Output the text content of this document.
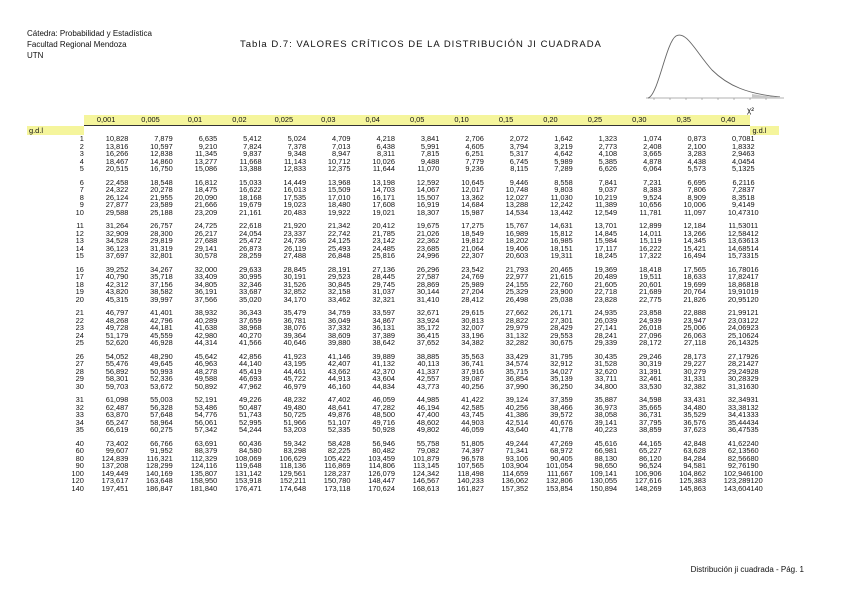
Cátedra: Probabilidad y Estadística
Facultad Regional Mendoza
UTN
Tabla D.7: VALORES CRÍTICOS DE LA DISTRIBUCIÓN JI CUADRADA
χ²
	0,001	0,005	0,01	0,02	0,025	0,03	0,04	0,05	0,10	0,15	0,20	0,25	0,30	0,35	0,40	
g.d.l																g.d.l
1	10,828	7,879	6,635	5,412	5,024	4,709	4,218	3,841	2,706	2,072	1,642	1,323	1,074	0,873	0,708	1
2	13,816	10,597	9,210	7,824	7,378	7,013	6,438	5,991	4,605	3,794	3,219	2,773	2,408	2,100	1,833	2
3	16,266	12,838	11,345	9,837	9,348	8,947	8,311	7,815	6,251	5,317	4,642	4,108	3,665	3,283	2,946	3
4	18,467	14,860	13,277	11,668	11,143	10,712	10,026	9,488	7,779	6,745	5,989	5,385	4,878	4,438	4,045	4
5	20,515	16,750	15,086	13,388	12,833	12,375	11,644	11,070	9,236	8,115	7,289	6,626	6,064	5,573	5,132	5

6	22,458	18,548	16,812	15,033	14,449	13,968	13,198	12,592	10,645	9,446	8,558	7,841	7,231	6,695	6,211	6
7	24,322	20,278	18,475	16,622	16,013	15,509	14,703	14,067	12,017	10,748	9,803	9,037	8,383	7,806	7,283	7
8	26,124	21,955	20,090	18,168	17,535	17,010	16,171	15,507	13,362	12,027	11,030	10,219	9,524	8,909	8,351	8
9	27,877	23,589	21,666	19,679	19,023	18,480	17,608	16,919	14,684	13,288	12,242	11,389	10,656	10,006	9,414	9
10	29,588	25,188	23,209	21,161	20,483	19,922	19,021	18,307	15,987	14,534	13,442	12,549	11,781	11,097	10,473	10

11	31,264	26,757	24,725	22,618	21,920	21,342	20,412	19,675	17,275	15,767	14,631	13,701	12,899	12,184	11,530	11
12	32,909	28,300	26,217	24,054	23,337	22,742	21,785	21,026	18,549	16,989	15,812	14,845	14,011	13,266	12,584	12
13	34,528	29,819	27,688	25,472	24,736	24,125	23,142	22,362	19,812	18,202	16,985	15,984	15,119	14,345	13,636	13
14	36,123	31,319	29,141	26,873	26,119	25,493	24,485	23,685	21,064	19,406	18,151	17,117	16,222	15,421	14,685	14
15	37,697	32,801	30,578	28,259	27,488	26,848	25,816	24,996	22,307	20,603	19,311	18,245	17,322	16,494	15,733	15

16	39,252	34,267	32,000	29,633	28,845	28,191	27,136	26,296	23,542	21,793	20,465	19,369	18,418	17,565	16,780	16
17	40,790	35,718	33,409	30,995	30,191	29,523	28,445	27,587	24,769	22,977	21,615	20,489	19,511	18,633	17,824	17
18	42,312	37,156	34,805	32,346	31,526	30,845	29,745	28,869	25,989	24,155	22,760	21,605	20,601	19,699	18,868	18
19	43,820	38,582	36,191	33,687	32,852	32,158	31,037	30,144	27,204	25,329	23,900	22,718	21,689	20,764	19,910	19
20	45,315	39,997	37,566	35,020	34,170	33,462	32,321	31,410	28,412	26,498	25,038	23,828	22,775	21,826	20,951	20

21	46,797	41,401	38,932	36,343	35,479	34,759	33,597	32,671	29,615	27,662	26,171	24,935	23,858	22,888	21,991	21
22	48,268	42,796	40,289	37,659	36,781	36,049	34,867	33,924	30,813	28,822	27,301	26,039	24,939	23,947	23,031	22
23	49,728	44,181	41,638	38,968	38,076	37,332	36,131	35,172	32,007	29,979	28,429	27,141	26,018	25,006	24,069	23
24	51,179	45,559	42,980	40,270	39,364	38,609	37,389	36,415	33,196	31,132	29,553	28,241	27,096	26,063	25,106	24
25	52,620	46,928	44,314	41,566	40,646	39,880	38,642	37,652	34,382	32,282	30,675	29,339	28,172	27,118	26,143	25

26	54,052	48,290	45,642	42,856	41,923	41,146	39,889	38,885	35,563	33,429	31,795	30,435	29,246	28,173	27,179	26
27	55,476	49,645	46,963	44,140	43,195	42,407	41,132	40,113	36,741	34,574	32,912	31,528	30,319	29,227	28,214	27
28	56,892	50,993	48,278	45,419	44,461	43,662	42,370	41,337	37,916	35,715	34,027	32,620	31,391	30,279	29,249	28
29	58,301	52,336	49,588	46,693	45,722	44,913	43,604	42,557	39,087	36,854	35,139	33,711	32,461	31,331	30,283	29
30	59,703	53,672	50,892	47,962	46,979	46,160	44,834	43,773	40,256	37,990	36,250	34,800	33,530	32,382	31,316	30

31	61,098	55,003	52,191	49,226	48,232	47,402	46,059	44,985	41,422	39,124	37,359	35,887	34,598	33,431	32,349	31
32	62,487	56,328	53,486	50,487	49,480	48,641	47,282	46,194	42,585	40,256	38,466	36,973	35,665	34,480	33,381	32
33	63,870	57,648	54,776	51,743	50,725	49,876	48,500	47,400	43,745	41,386	39,572	38,058	36,731	35,529	34,413	33
34	65,247	58,964	56,061	52,995	51,966	51,107	49,716	48,602	44,903	42,514	40,676	39,141	37,795	36,576	35,444	34
35	66,619	60,275	57,342	54,244	53,203	52,335	50,928	49,802	46,059	43,640	41,778	40,223	38,859	37,623	36,475	35

40	73,402	66,766	63,691	60,436	59,342	58,428	56,946	55,758	51,805	49,244	47,269	45,616	44,165	42,848	41,622	40
60	99,607	91,952	88,379	84,580	83,298	82,225	80,482	79,082	74,397	71,341	68,972	66,981	65,227	63,628	62,135	60
80	124,839	116,321	112,329	108,069	106,629	105,422	103,459	101,879	96,578	93,106	90,405	88,130	86,120	84,284	82,566	80
90	137,208	128,299	124,116	119,648	118,136	116,869	114,806	113,145	107,565	103,904	101,054	98,650	96,524	94,581	92,761	90
100	149,449	140,169	135,807	131,142	129,561	128,237	126,079	124,342	118,498	114,659	111,667	109,141	106,906	104,862	102,946	100
120	173,617	163,648	158,950	153,918	152,211	150,780	148,447	146,567	140,233	136,062	132,806	130,055	127,616	125,383	123,289	120
140	197,451	186,847	181,840	176,471	174,648	173,118	170,624	168,613	161,827	157,352	153,854	150,894	148,269	145,863	143,604	140
Distribución ji cuadrada - Pág. 1
